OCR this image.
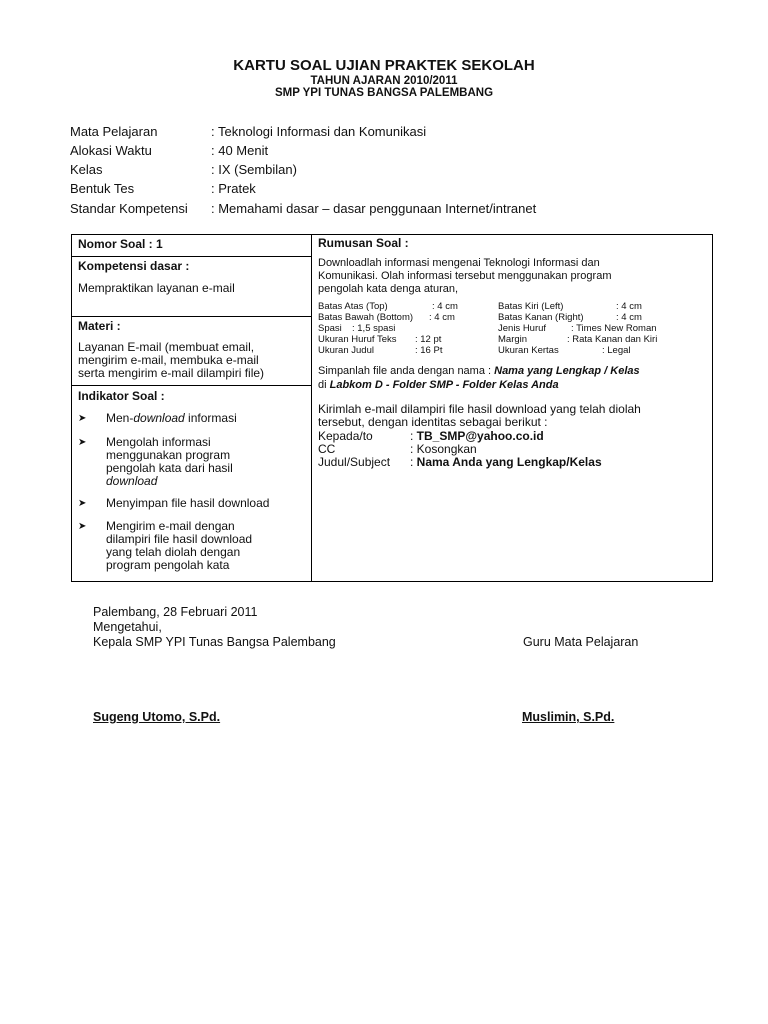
KARTU SOAL UJIAN PRAKTEK SEKOLAH
TAHUN AJARAN 2010/2011
SMP YPI TUNAS BANGSA PALEMBANG
Mata Pelajaran	: Teknologi Informasi dan Komunikasi
Alokasi Waktu	: 40 Menit
Kelas	: IX (Sembilan)
Bentuk Tes	: Pratek
Standar Kompetensi : Memahami dasar – dasar penggunaan Internet/intranet
Nomor Soal : 1
Kompetensi dasar :
Mempraktikan layanan e-mail
Materi :
Layanan E-mail (membuat email,
mengirim e-mail, membuka e-mail
serta mengirim e-mail dilampiri file)
Indikator Soal :
➤ Men-download informasi
➤ Mengolah informasi
menggunakan program
pengolah kata dari hasil
download
➤ Menyimpan file hasil download
➤ Mengirim e-mail dengan
dilampiri file hasil download
yang telah diolah dengan
program pengolah kata
Rumusan Soal :
Downloadlah informasi mengenai Teknologi Informasi dan
Komunikasi. Olah informasi tersebut menggunakan program
pengolah kata denga aturan,
Batas Atas (Top)	: 4 cm	Batas Kiri (Left)	: 4 cm
Batas Bawah (Bottom) : 4 cm	Batas Kanan (Right)	: 4 cm
Spasi : 1,5 spasi	Jenis Huruf	: Times New Roman
Ukuran Huruf Teks : 12 pt	Margin	: Rata Kanan dan Kiri
Ukuran Judul	: 16 Pt	Ukuran Kertas	: Legal
Simpanlah file anda dengan nama : Nama yang Lengkap / Kelas
di Labkom D - Folder SMP - Folder Kelas Anda
Kirimlah e-mail dilampiri file hasil download yang telah diolah
tersebut, dengan identitas sebagai berikut :
Kepada/to	: TB_SMP@yahoo.co.id
CC	: Kosongkan
Judul/Subject : Nama Anda yang Lengkap/Kelas
Palembang, 28 Februari 2011
Mengetahui,
Kepala SMP YPI Tunas Bangsa Palembang	Guru Mata Pelajaran
Sugeng Utomo, S.Pd.	Muslimin, S.Pd.
